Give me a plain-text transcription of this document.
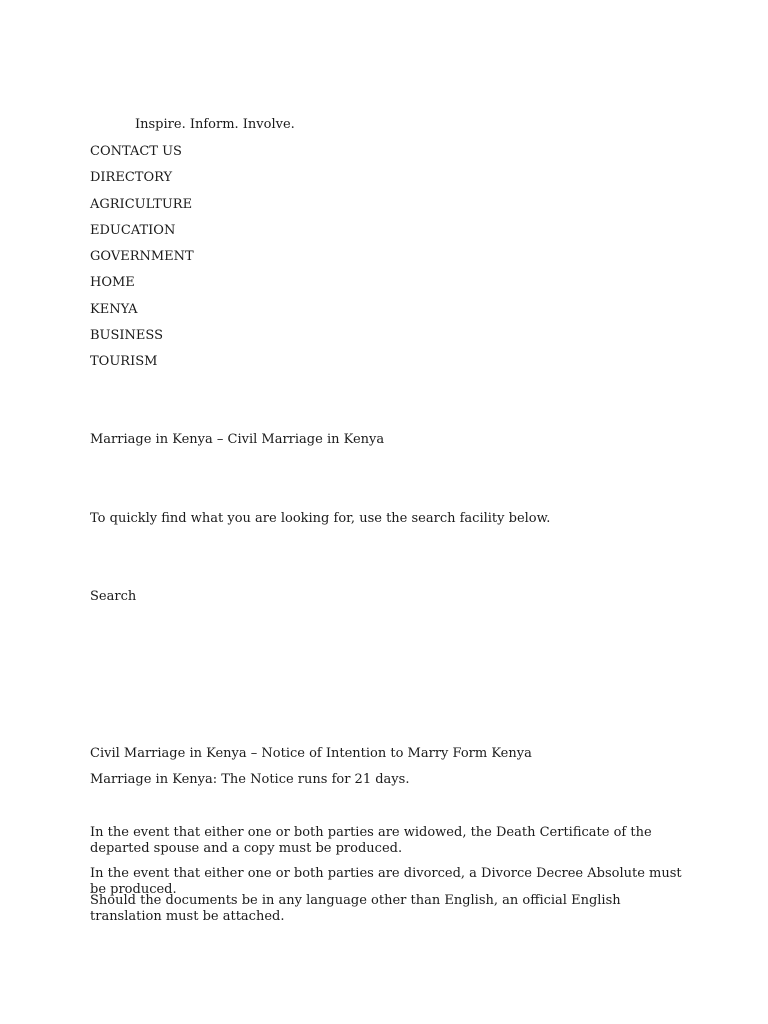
Inspire. Inform. Involve.
CONTACT US
DIRECTORY
AGRICULTURE
EDUCATION
GOVERNMENT
HOME
KENYA
BUSINESS
TOURISM
Marriage in Kenya – Civil Marriage in Kenya
To quickly find what you are looking for, use the search facility below.
Search
Civil Marriage in Kenya – Notice of Intention to Marry Form Kenya
Marriage in Kenya: The Notice runs for 21 days.
In the event that either one or both parties are widowed, the Death Certificate of the departed spouse and a copy must be produced.
In the event that either one or both parties are divorced, a Divorce Decree Absolute must be produced.
Should the documents be in any language other than English, an official English translation must be attached.
